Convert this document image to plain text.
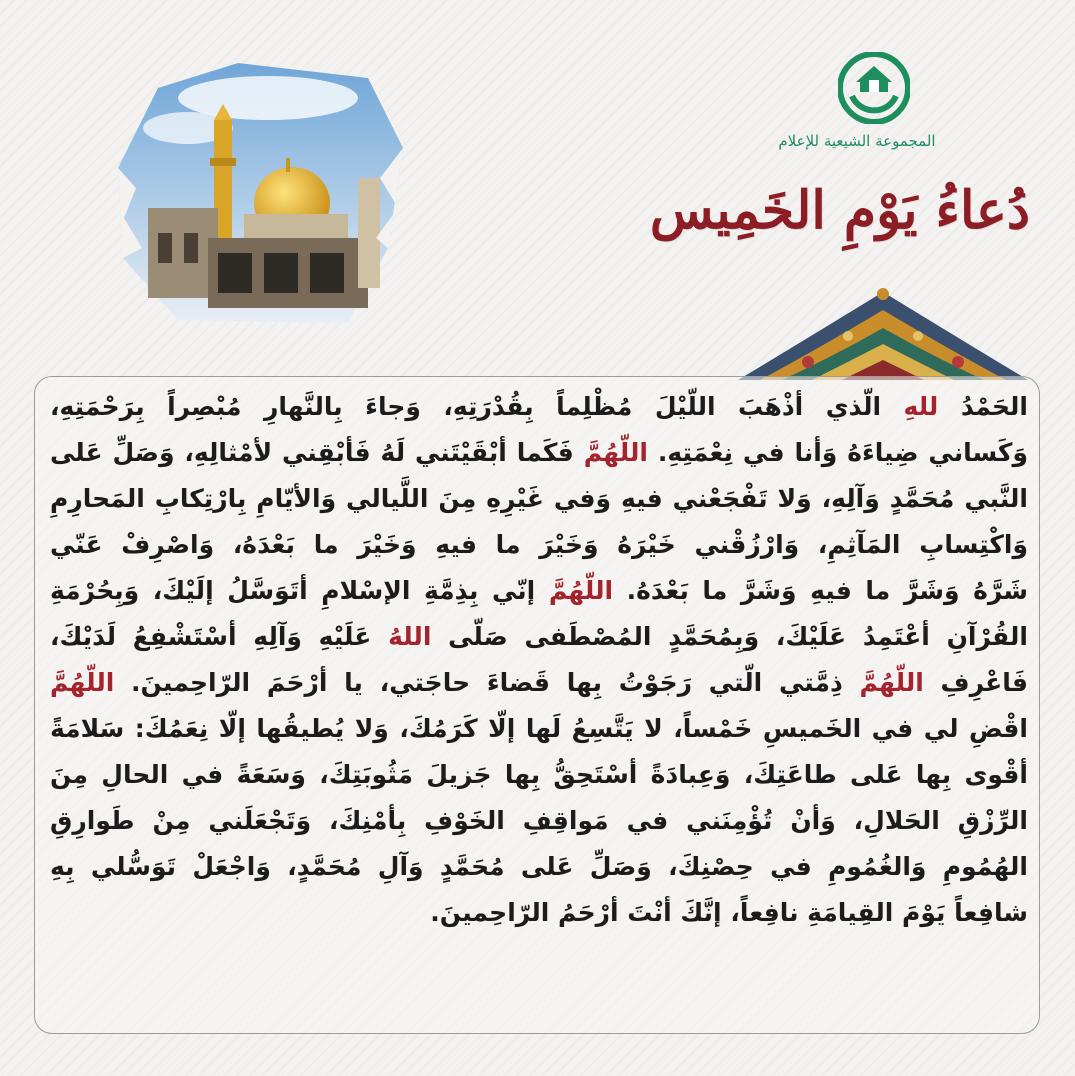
المجموعة الشيعية للإعلام
دُعاءُ يَوْمِ الخَمِيس
الحَمْدُ للهِ الّذي أذْهَبَ اللّيْلَ مُظْلِماً بِقُدْرَتِهِ، وَجاءَ بِالنَّهارِ مُبْصِراً بِرَحْمَتِهِ،
وَكَساني ضِياءَهُ وَأنا في نِعْمَتِهِ. اللّهُمَّ فَكَما أبْقَيْتَني لَهُ فَأبْقِني لأمْثالِهِ، وَصَلِّ عَلى
النَّبي مُحَمَّدٍ وَآلِهِ، وَلا تَفْجَعْني فيهِ وَفي غَيْرِهِ مِنَ اللَّيالي وَالأيّامِ بِارْتِكابِ المَحارِمِ
وَاكْتِسابِ المَآثِمِ، وَارْزُقْني خَيْرَهُ وَخَيْرَ ما فيهِ وَخَيْرَ ما بَعْدَهُ، وَاصْرِفْ عَنّي
شَرَّهُ وَشَرَّ ما فيهِ وَشَرَّ ما بَعْدَهُ. اللّهُمَّ إنّي بِذِمَّةِ الإسْلامِ أتَوَسَّلُ إلَيْكَ، وَبِحُرْمَةِ
القُرْآنِ أعْتَمِدُ عَلَيْكَ، وَبِمُحَمَّدٍ المُصْطَفى صَلّى اللهُ عَلَيْهِ وَآلِهِ أسْتَشْفِعُ لَدَيْكَ،
فَاعْرِفِ اللّهُمَّ ذِمَّتي الّتي رَجَوْتُ بِها قَضاءَ حاجَتي، يا أرْحَمَ الرّاحِمينَ. اللّهُمَّ
اقْضِ لي في الخَميسِ خَمْساً، لا يَتَّسِعُ لَها إلّا كَرَمُكَ، وَلا يُطيقُها إلّا نِعَمُكَ: سَلامَةً
أقْوى بِها عَلى طاعَتِكَ، وَعِبادَةً أسْتَحِقُّ بِها جَزيلَ مَثُوبَتِكَ، وَسَعَةً في الحالِ مِنَ
الرِّزْقِ الحَلالِ، وَأنْ تُؤْمِنَني في مَواقِفِ الخَوْفِ بِأمْنِكَ، وَتَجْعَلَني مِنْ طَوارِقِ
الهُمُومِ وَالغُمُومِ في حِصْنِكَ، وَصَلِّ عَلى مُحَمَّدٍ وَآلِ مُحَمَّدٍ، وَاجْعَلْ تَوَسُّلي بِهِ
شافِعاً يَوْمَ القِيامَةِ نافِعاً، إنَّكَ أنْتَ أرْحَمُ الرّاحِمينَ.
